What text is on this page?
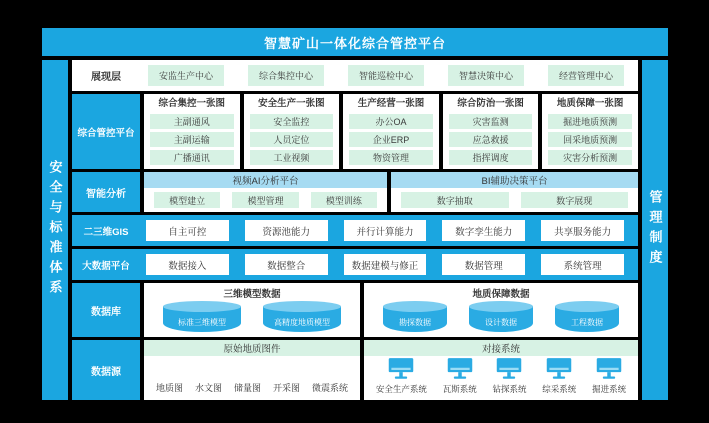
智慧矿山一体化综合管控平台
安全与标准体系
展现层	安监生产中心	综合集控中心	智能巡检中心	智慧决策中心	经营管理中心
综合管控平台
综合集控一张图
主副通风
主副运输
广播通讯
安全生产一张图
安全监控
人员定位
工业视频
生产经营一张图
办公OA
企业ERP
物资管理
综合防治一张图
灾害监测
应急救援
指挥调度
地质保障一张图
掘进地质预测
回采地质预测
灾害分析预测
智能分析
视频AI分析平台
模型建立	模型管理	模型训练
BI辅助决策平台
数字抽取	数字展现
二三维GIS	自主可控	资源池能力	并行计算能力	数字孪生能力	共享服务能力
大数据平台	数据接入	数据整合	数据建模与修正	数据管理	系统管理
数据库
三维模型数据
标准三维模型	高精度地质模型
地质保障数据
勘探数据	设计数据	工程数据
数据源
原始地质图件
地质图 水文图 储量图 开采图 微震系统
对接系统
安全生产系统 瓦斯系统 钻探系统 综采系统 掘进系统
管理制度
